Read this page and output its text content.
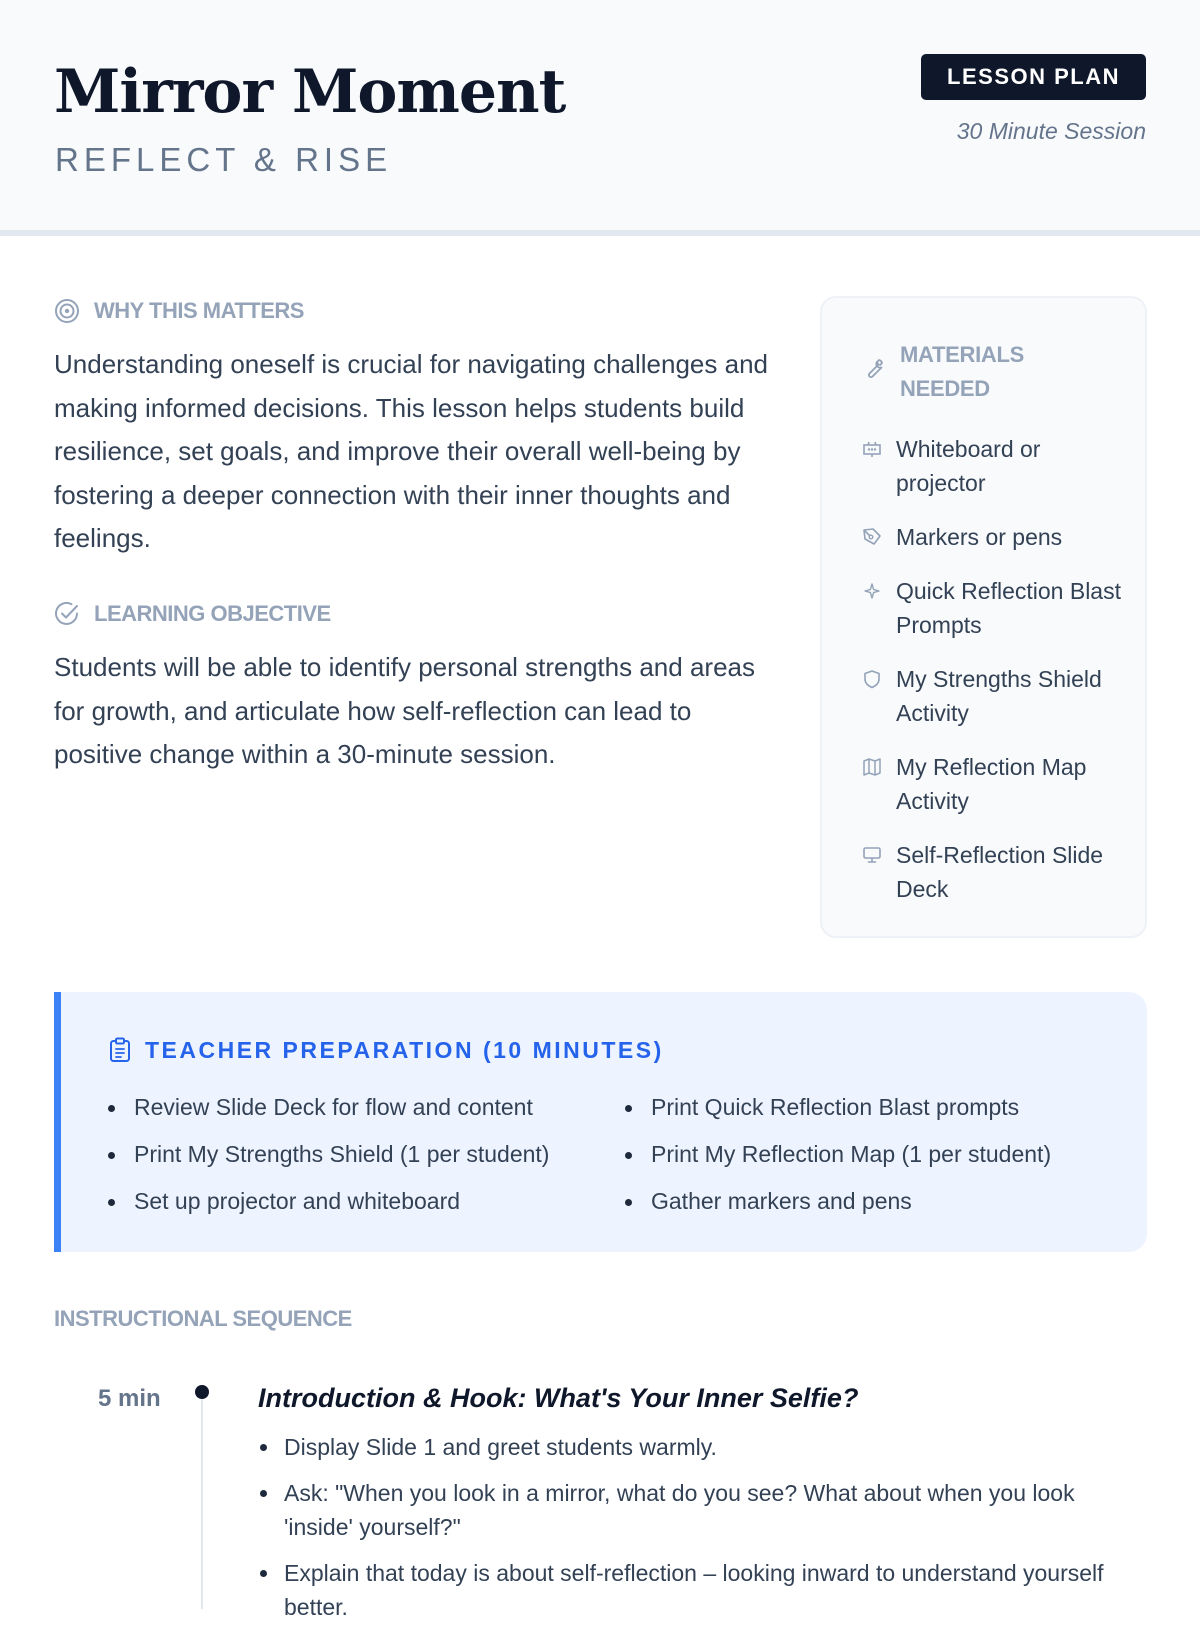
Mirror Moment
REFLECT & RISE
LESSON PLAN
30 Minute Session
WHY THIS MATTERS

Understanding oneself is crucial for navigating challenges and making informed decisions. This lesson helps students build resilience, set goals, and improve their overall well-being by fostering a deeper connection with their inner thoughts and feelings.

LEARNING OBJECTIVE

Students will be able to identify personal strengths and areas for growth, and articulate how self-reflection can lead to positive change within a 30-minute session.

MATERIALS NEEDED
Whiteboard or projector
Markers or pens
Quick Reflection Blast Prompts
My Strengths Shield Activity
My Reflection Map Activity
Self-Reflection Slide Deck
TEACHER PREPARATION (10 MINUTES)
Review Slide Deck for flow and content
Print My Strengths Shield (1 per student)
Set up projector and whiteboard
Print Quick Reflection Blast prompts
Print My Reflection Map (1 per student)
Gather markers and pens
INSTRUCTIONAL SEQUENCE
5 min	Introduction & Hook: What's Your Inner Selfie?
Display Slide 1 and greet students warmly.
Ask: "When you look in a mirror, what do you see? What about when you look 'inside' yourself?"
Explain that today is about self-reflection – looking inward to understand yourself better.
